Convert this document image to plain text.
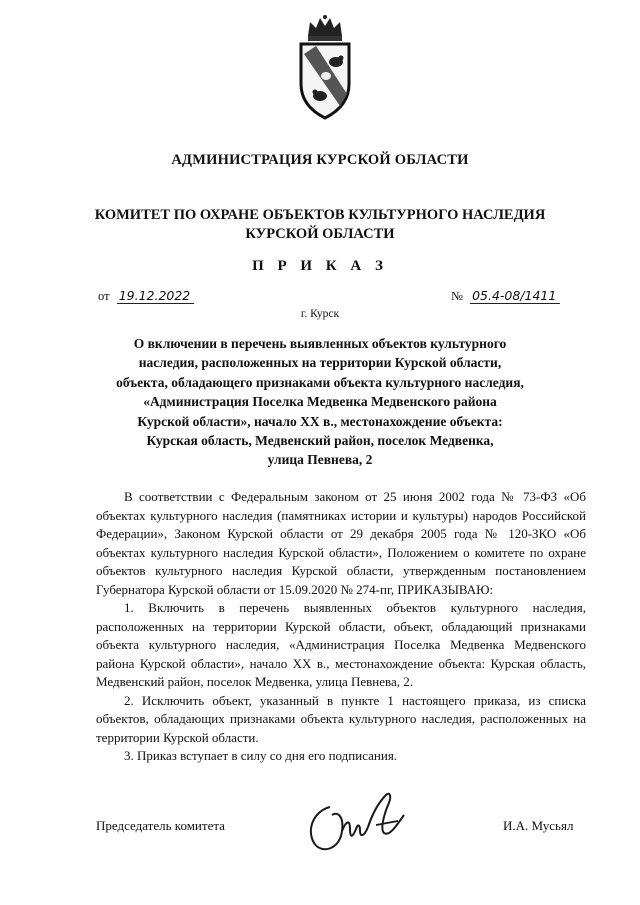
АДМИНИСТРАЦИЯ КУРСКОЙ ОБЛАСТИ
КОМИТЕТ ПО ОХРАНЕ ОБЪЕКТОВ КУЛЬТУРНОГО НАСЛЕДИЯ
КУРСКОЙ ОБЛАСТИ
П Р И К А З
от 19.12.2022	№ 05.4-08/1411
г. Курск
О включении в перечень выявленных объектов культурного
наследия, расположенных на территории Курской области,
объекта, обладающего признаками объекта культурного наследия,
«Администрация Поселка Медвенка Медвенского района
Курской области», начало XX в., местонахождение объекта:
Курская область, Медвенский район, поселок Медвенка,
улица Певнева, 2

В соответствии с Федеральным законом от 25 июня 2002 года № 73-ФЗ «Об объектах культурного наследия (памятниках истории и культуры) народов Российской Федерации», Законом Курской области от 29 декабря 2005 года № 120-ЗКО «Об объектах культурного наследия Курской области», Положением о комитете по охране объектов культурного наследия Курской области, утвержденным постановлением Губернатора Курской области от 15.09.2020 № 274-пг, ПРИКАЗЫВАЮ:

1. Включить в перечень выявленных объектов культурного наследия, расположенных на территории Курской области, объект, обладающий признаками объекта культурного наследия, «Администрация Поселка Медвенка Медвенского района Курской области», начало XX в., местонахождение объекта: Курская область, Медвенский район, поселок Медвенка, улица Певнева, 2.

2. Исключить объект, указанный в пункте 1 настоящего приказа, из списка объектов, обладающих признаками объекта культурного наследия, расположенных на территории Курской области.

3. Приказ вступает в силу со дня его подписания.

Председатель комитета	И.А. Мусьял
